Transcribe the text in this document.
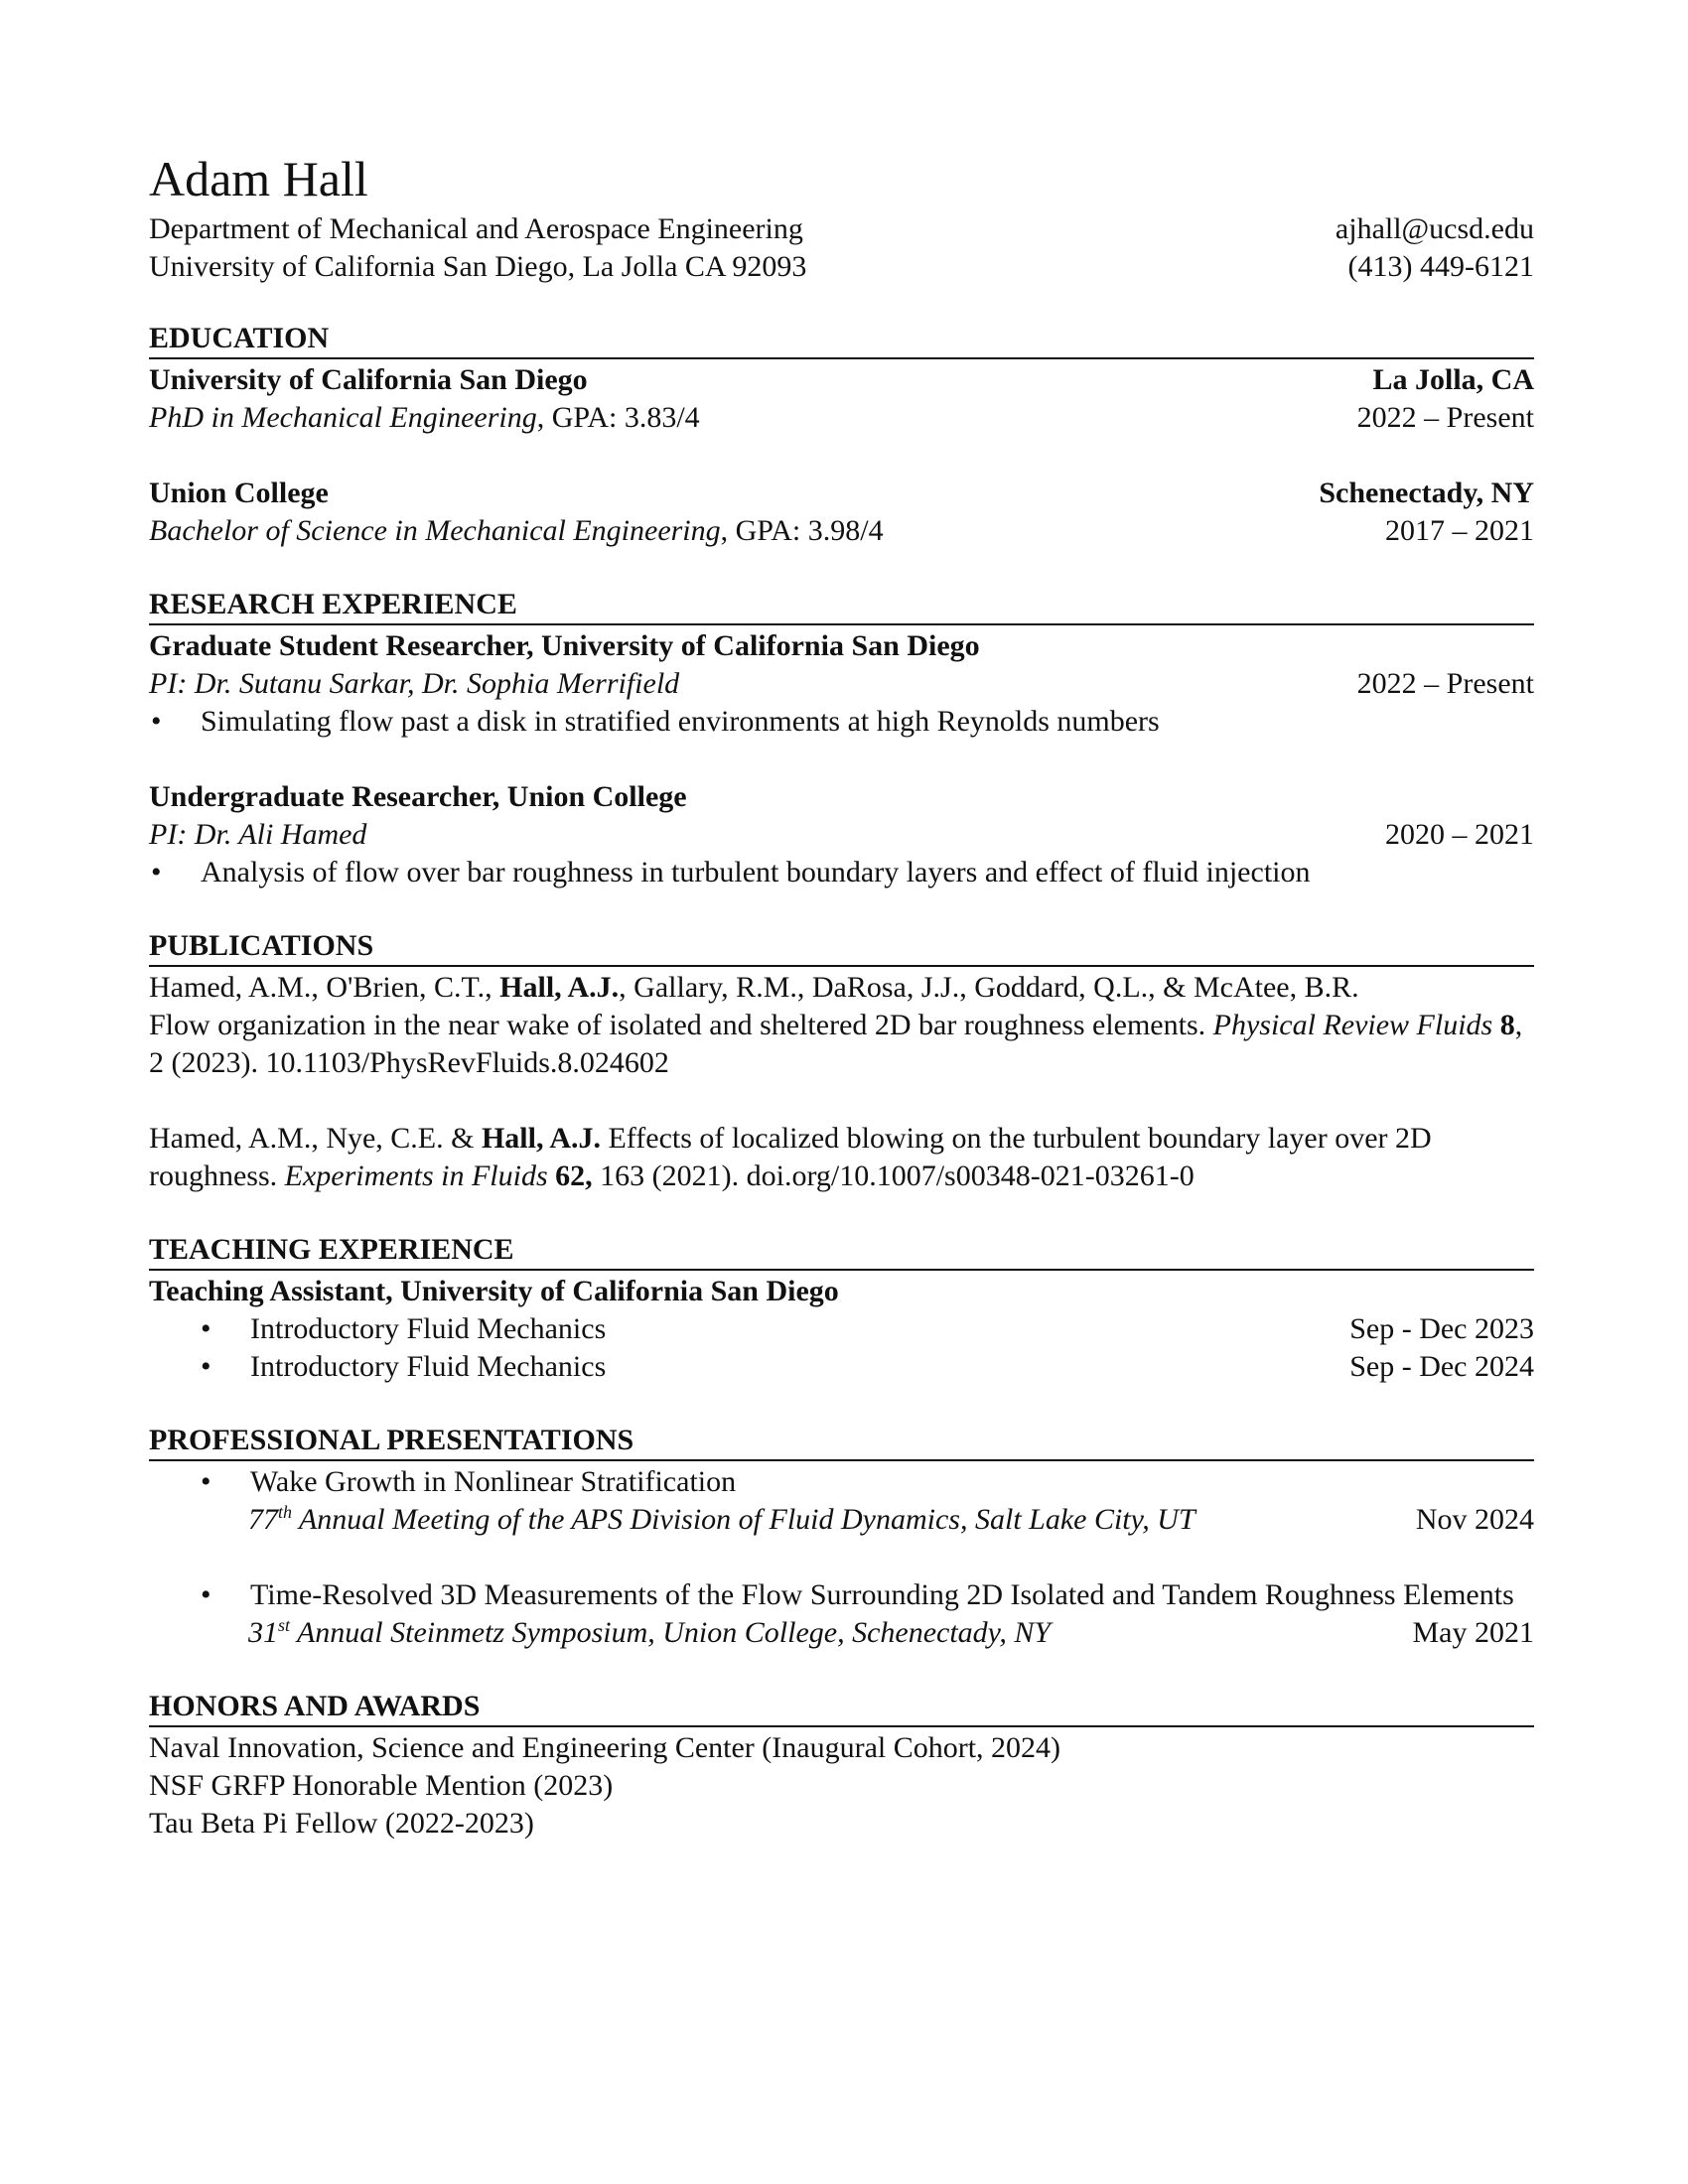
Adam Hall
Department of Mechanical and Aerospace Engineering	ajhall@ucsd.edu
University of California San Diego, La Jolla CA 92093	(413) 449-6121
EDUCATION
University of California San Diego	La Jolla, CA
PhD in Mechanical Engineering, GPA: 3.83/4	2022 – Present
Union College	Schenectady, NY
Bachelor of Science in Mechanical Engineering, GPA: 3.98/4	2017 – 2021
RESEARCH EXPERIENCE
Graduate Student Researcher, University of California San Diego
PI: Dr. Sutanu Sarkar, Dr. Sophia Merrifield	2022 – Present
•	Simulating flow past a disk in stratified environments at high Reynolds numbers
Undergraduate Researcher, Union College
PI: Dr. Ali Hamed	2020 – 2021
•	Analysis of flow over bar roughness in turbulent boundary layers and effect of fluid injection
PUBLICATIONS

Hamed, A.M., O'Brien, C.T., Hall, A.J., Gallary, R.M., DaRosa, J.J., Goddard, Q.L., & McAtee, B.R.
Flow organization in the near wake of isolated and sheltered 2D bar roughness elements. Physical Review Fluids 8, 2 (2023). 10.1103/PhysRevFluids.8.024602

Hamed, A.M., Nye, C.E. & Hall, A.J. Effects of localized blowing on the turbulent boundary layer over 2D roughness. Experiments in Fluids 62, 163 (2021). doi.org/10.1007/s00348-021-03261-0

TEACHING EXPERIENCE
Teaching Assistant, University of California San Diego
•	Introductory Fluid Mechanics	Sep - Dec 2023
•	Introductory Fluid Mechanics	Sep - Dec 2024
PROFESSIONAL PRESENTATIONS
•	Wake Growth in Nonlinear Stratification
77th Annual Meeting of the APS Division of Fluid Dynamics, Salt Lake City, UT	Nov 2024
•	Time-Resolved 3D Measurements of the Flow Surrounding 2D Isolated and Tandem Roughness Elements
31st Annual Steinmetz Symposium, Union College, Schenectady, NY	May 2021
HONORS AND AWARDS
Naval Innovation, Science and Engineering Center (Inaugural Cohort, 2024)
NSF GRFP Honorable Mention (2023)
Tau Beta Pi Fellow (2022-2023)
